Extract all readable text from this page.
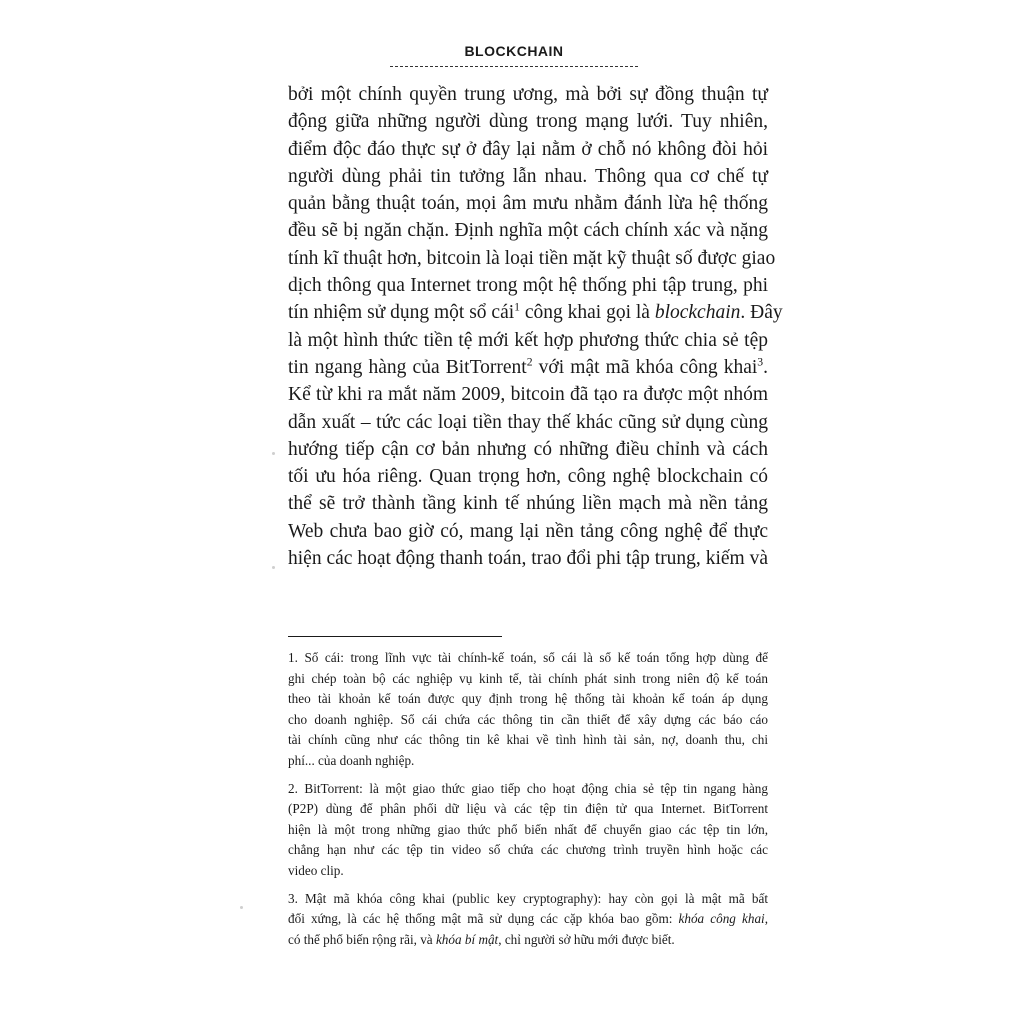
BLOCKCHAIN
bởi một chính quyền trung ương, mà bởi sự đồng thuận tự
động giữa những người dùng trong mạng lưới. Tuy nhiên,
điểm độc đáo thực sự ở đây lại nằm ở chỗ nó không đòi hỏi
người dùng phải tin tưởng lẫn nhau. Thông qua cơ chế tự
quản bằng thuật toán, mọi âm mưu nhằm đánh lừa hệ thống
đều sẽ bị ngăn chặn. Định nghĩa một cách chính xác và nặng
tính kĩ thuật hơn, bitcoin là loại tiền mặt kỹ thuật số được giao
dịch thông qua Internet trong một hệ thống phi tập trung, phi
tín nhiệm sử dụng một sổ cái$^1$ công khai gọi là blockchain. Đây
là một hình thức tiền tệ mới kết hợp phương thức chia sẻ tệp
tin ngang hàng của BitTorrent$^2$ với mật mã khóa công khai$^3$.
Kể từ khi ra mắt năm 2009, bitcoin đã tạo ra được một nhóm
dẫn xuất – tức các loại tiền thay thế khác cũng sử dụng cùng
hướng tiếp cận cơ bản nhưng có những điều chỉnh và cách
tối ưu hóa riêng. Quan trọng hơn, công nghệ blockchain có
thể sẽ trở thành tầng kinh tế nhúng liền mạch mà nền tảng
Web chưa bao giờ có, mang lại nền tảng công nghệ để thực
hiện các hoạt động thanh toán, trao đổi phi tập trung, kiếm và
1. Sổ cái: trong lĩnh vực tài chính-kế toán, sổ cái là sổ kế toán tổng hợp dùng để
ghi chép toàn bộ các nghiệp vụ kinh tế, tài chính phát sinh trong niên độ kế toán
theo tài khoản kế toán được quy định trong hệ thống tài khoản kế toán áp dụng
cho doanh nghiệp. Sổ cái chứa các thông tin cần thiết để xây dựng các báo cáo
tài chính cũng như các thông tin kê khai về tình hình tài sản, nợ, doanh thu, chi
phí... của doanh nghiệp.
2. BitTorrent: là một giao thức giao tiếp cho hoạt động chia sẻ tệp tin ngang hàng
(P2P) dùng để phân phối dữ liệu và các tệp tin điện tử qua Internet. BitTorrent
hiện là một trong những giao thức phổ biến nhất để chuyển giao các tệp tin lớn,
chẳng hạn như các tệp tin video số chứa các chương trình truyền hình hoặc các
video clip.
3. Mật mã khóa công khai (public key cryptography): hay còn gọi là mật mã bất
đối xứng, là các hệ thống mật mã sử dụng các cặp khóa bao gồm: khóa công khai,
có thể phổ biến rộng rãi, và khóa bí mật, chỉ người sở hữu mới được biết.
